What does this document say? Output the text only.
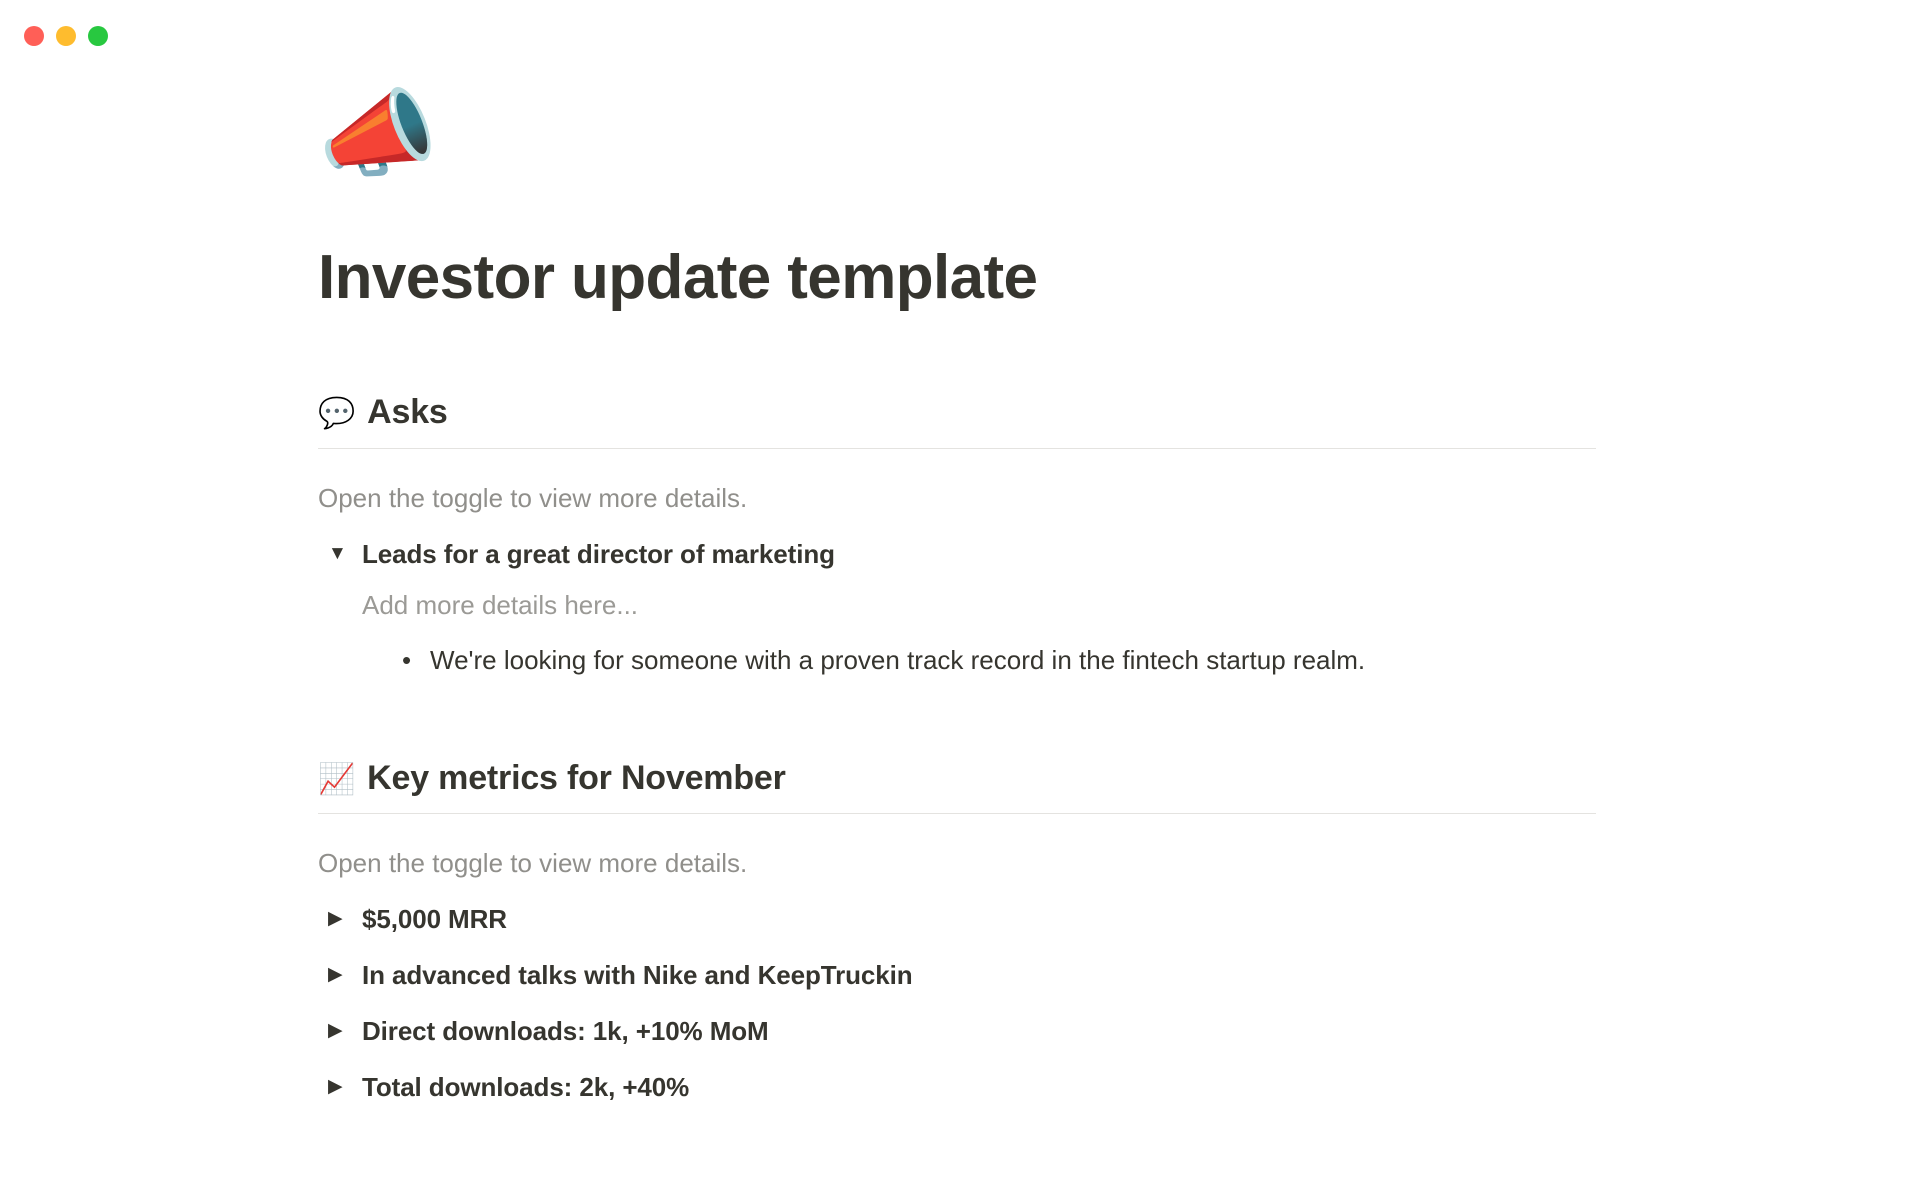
📣
Investor update template
💬 Asks

Open the toggle to view more details.

▼
Leads for a great director of marketing
Add more details here...
•
We're looking for someone with a proven track record in the fintech startup realm.
📈 Key metrics for November

Open the toggle to view more details.

▶
$5,000 MRR
▶
In advanced talks with Nike and KeepTruckin
▶
Direct downloads: 1k, +10% MoM
▶
Total downloads: 2k, +40%
